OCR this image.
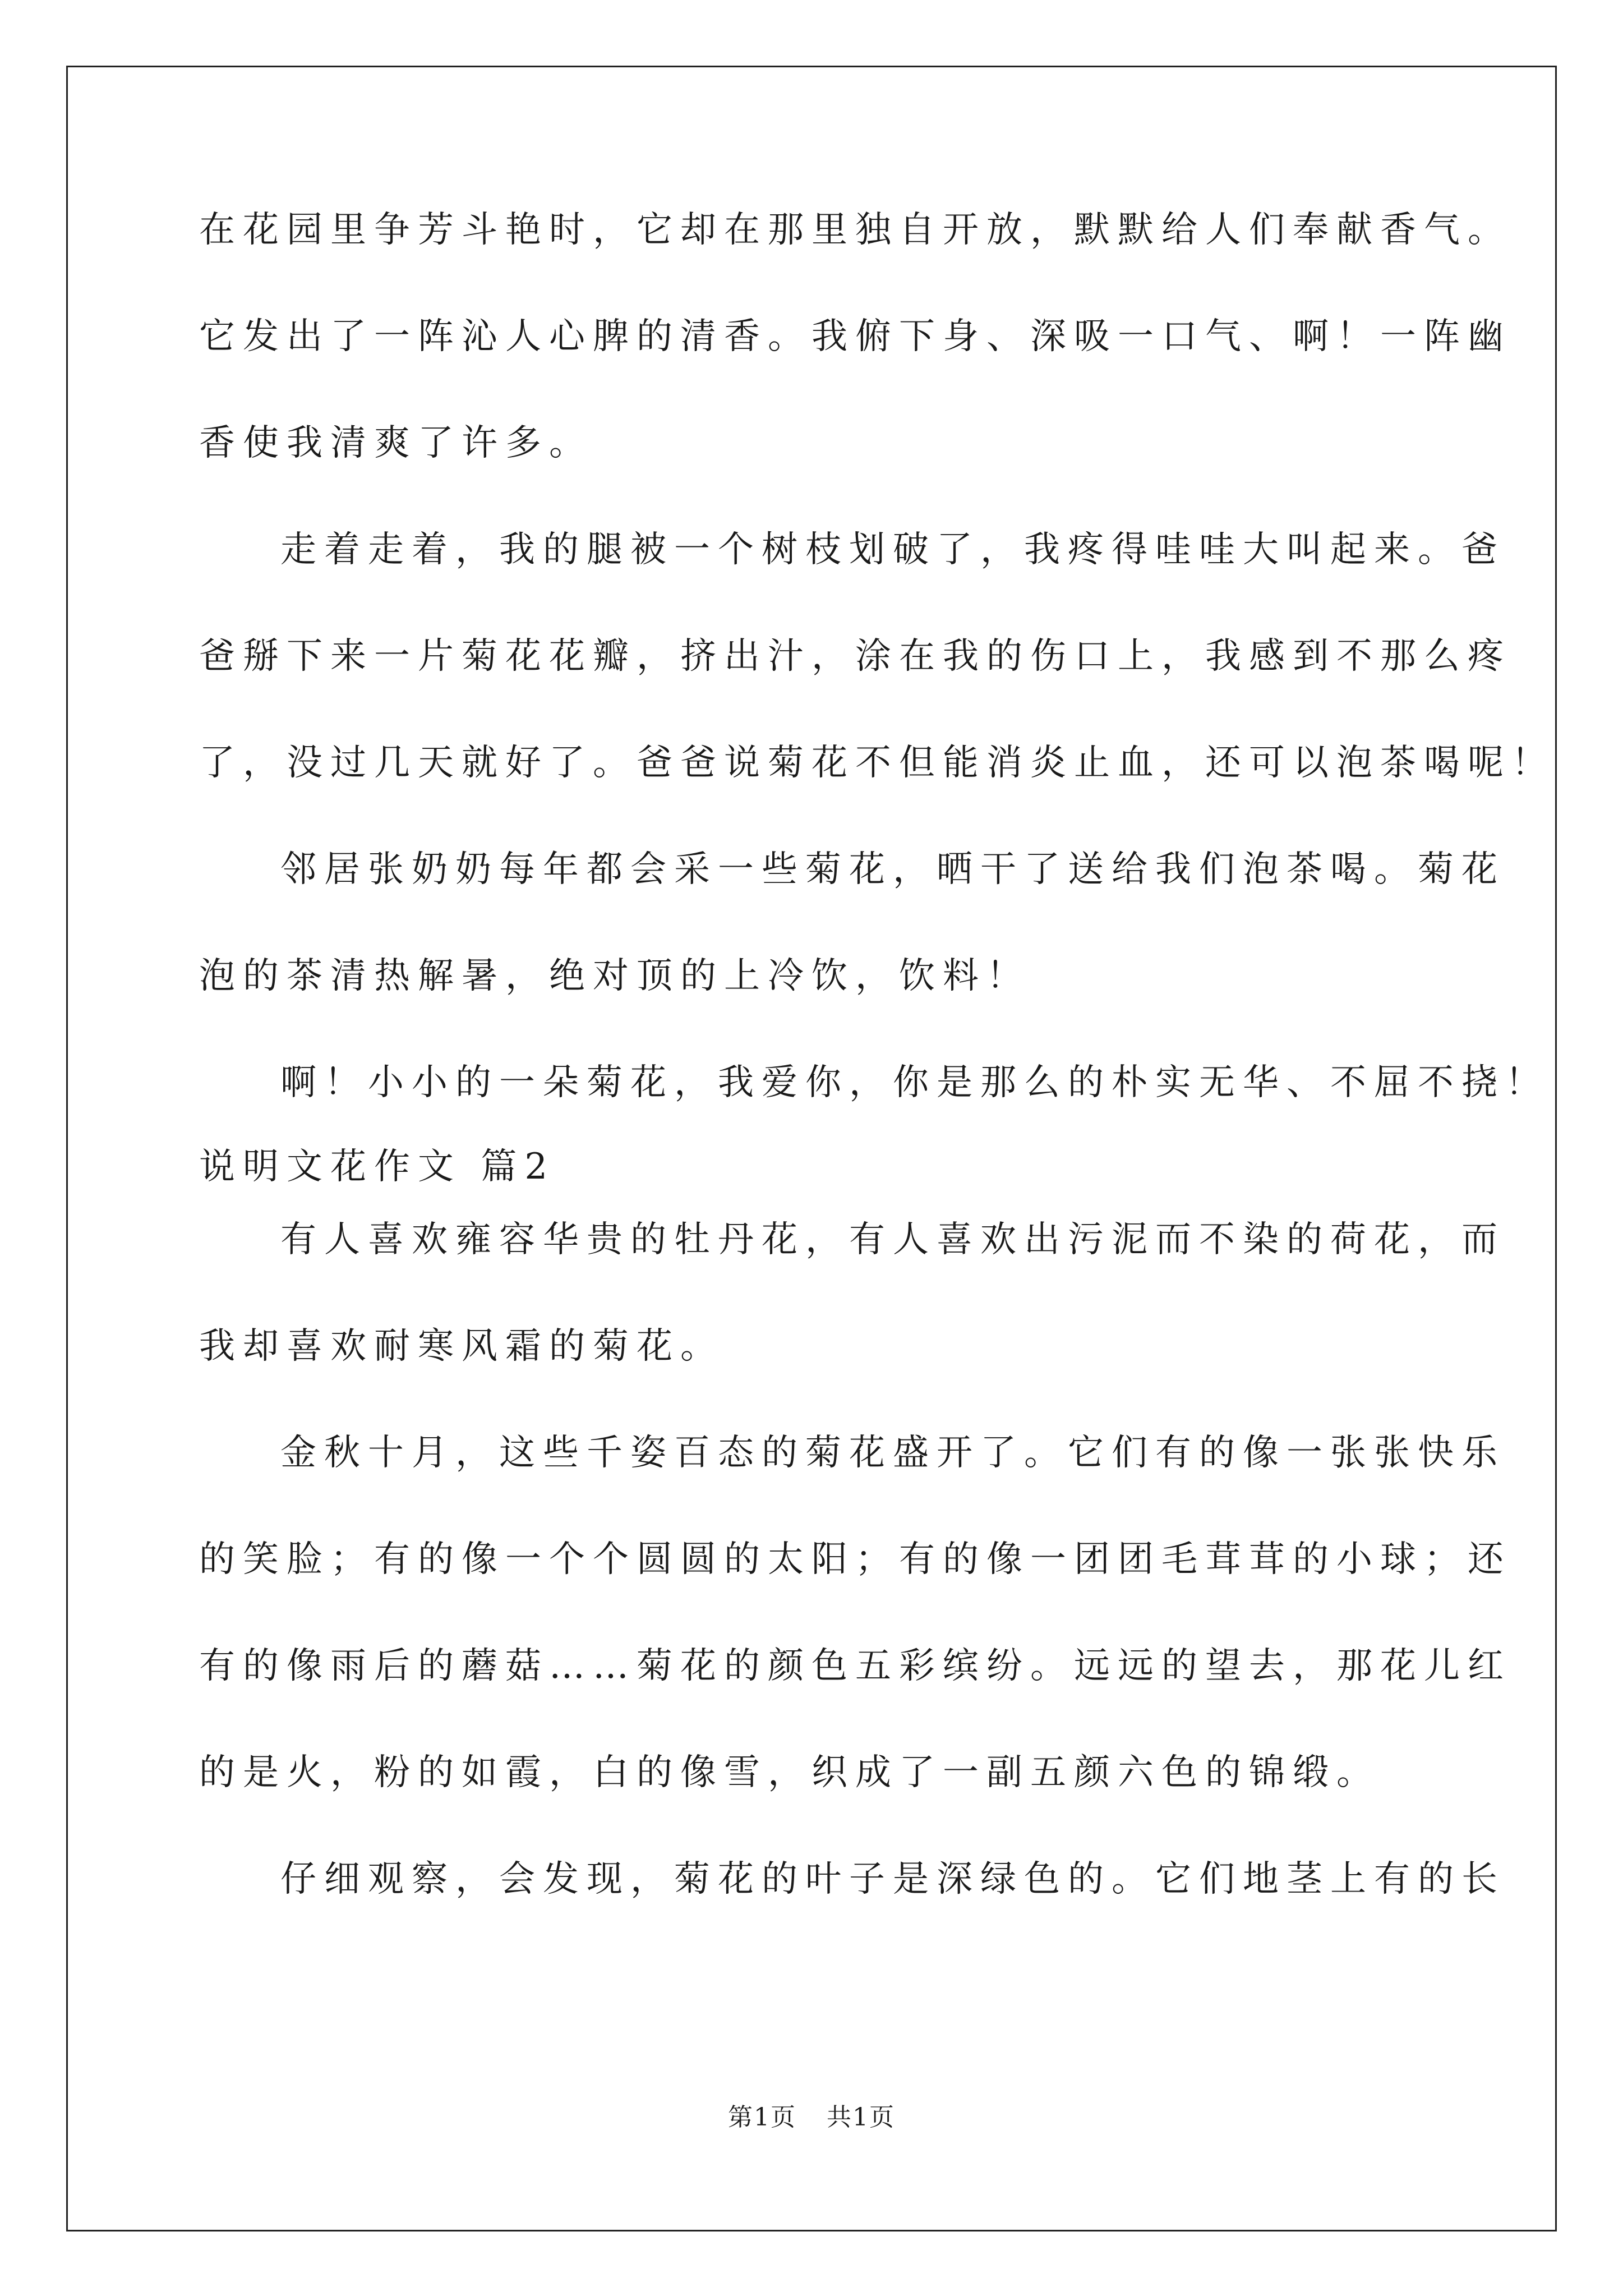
在花园里争芳斗艳时，它却在那里独自开放，默默给人们奉献香气。
它发出了一阵沁人心脾的清香。我俯下身、深吸一口气、啊！一阵幽
香使我清爽了许多。
走着走着，我的腿被一个树枝划破了，我疼得哇哇大叫起来。爸
爸掰下来一片菊花花瓣，挤出汁，涂在我的伤口上，我感到不那么疼
了，没过几天就好了。爸爸说菊花不但能消炎止血，还可以泡茶喝呢！
邻居张奶奶每年都会采一些菊花，晒干了送给我们泡茶喝。菊花
泡的茶清热解暑，绝对顶的上冷饮，饮料！
啊！小小的一朵菊花，我爱你，你是那么的朴实无华、不屈不挠！
说明文花作文 篇2
有人喜欢雍容华贵的牡丹花，有人喜欢出污泥而不染的荷花，而
我却喜欢耐寒风霜的菊花。
金秋十月，这些千姿百态的菊花盛开了。它们有的像一张张快乐
的笑脸；有的像一个个圆圆的太阳；有的像一团团毛茸茸的小球；还
有的像雨后的蘑菇……菊花的颜色五彩缤纷。远远的望去，那花儿红
的是火，粉的如霞，白的像雪，织成了一副五颜六色的锦缎。
仔细观察，会发现，菊花的叶子是深绿色的。它们地茎上有的长
第1页 共1页
